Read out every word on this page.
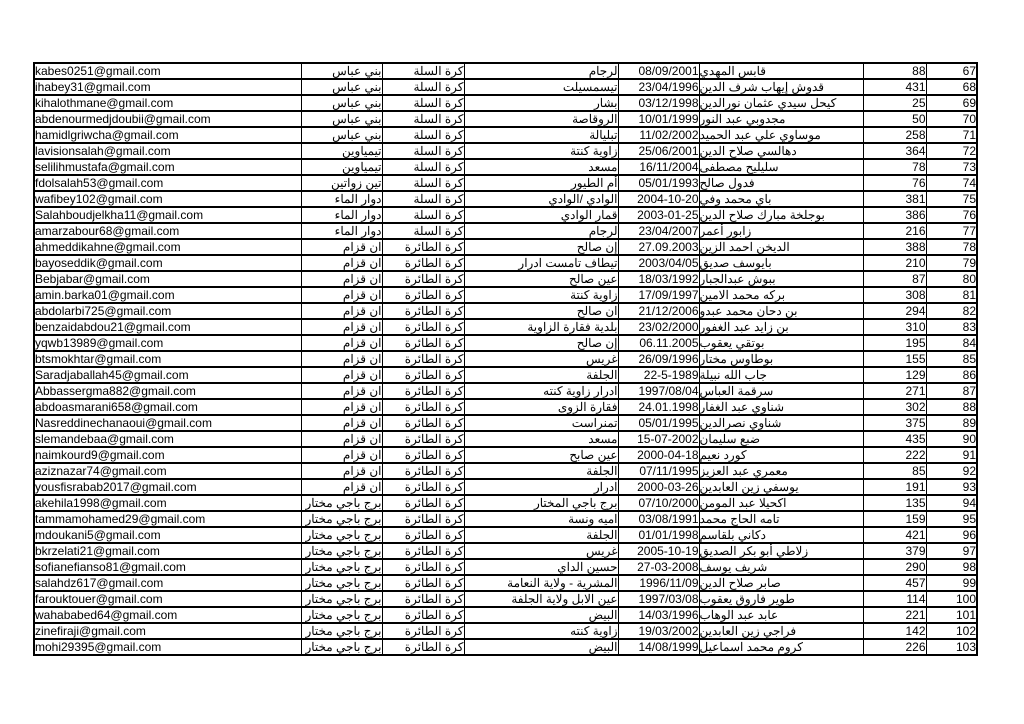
kabes0251@gmail.com	بني عباس	كرة السلة	لرجام	08/09/2001	قابس المهدي	88	67
ihabey31@gmail.com	بني عباس	كرة السلة	تيسمسيلت	23/04/1996	قدوش إيهاب شرف الدين	431	68
kihalothmane@gmail.com	بني عباس	كرة السلة	بشار	03/12/1998	كيحل سيدي عثمان نورالدين	25	69
abdenourmedjdoubii@gmail.com	بني عباس	كرة السلة	الروقاصة	10/01/1999	مجدوبي عبد النور	50	70
hamidlgriwcha@gmail.com	بني عباس	كرة السلة	تبليالة	11/02/2002	موساوي علي عبد الحميد	258	71
lavisionsalah@gmail.com	تيمياوين	كرة السلة	زاوية كنتة	25/06/2001	دهالسي صلاح الدين	364	72
selilihmustafa@gmail.com	تيمياوين	كرة السلة	مسعد	16/11/2004	سليليح مصطفى	78	73
fdolsalah53@gmail.com	تين زواتين	كرة السلة	أم الطيور	05/01/1993	فدول صالح	76	74
wafibey102@gmail.com	دوار الماء	كرة السلة	الوادي /الوادي	2004-10-20	باي محمد وفي	381	75
Salahboudjelkha11@gmail.com	دوار الماء	كرة السلة	قمار الوادي	2003-01-25	بوجلخة مبارك صلاح الدين	386	76
amarzabour68@gmail.com	دوار الماء	كرة السلة	لرجام	23/04/2007	زابور أعمر	216	77
ahmeddikahne@gmail.com	ان قزام	كرة الطائرة	إن صالح	27.09.2003	الديخن احمد الزين	388	78
bayoseddik@gmail.com	ان قزام	كرة الطائرة	تيطاف تامست ادرار	2003/04/05	بايوسف صديق	210	79
Bebjabar@gmail.com	ان قزام	كرة الطائرة	عين صالح	18/03/1992	ببوش عبدالجبار	87	80
amin.barka01@gmail.com	ان قزام	كرة الطائرة	زاوية كنتة	17/09/1997	بركه محمد الامين	308	81
abdolarbi725@gmail.com	ان قزام	كرة الطائرة	ان صالح	21/12/2006	بن دحان محمد عبدو	294	82
benzaidabdou21@gmail.com	ان قزام	كرة الطائرة	بلدية فقارة الزاوية	23/02/2000	بن زايد عبد الغفور	310	83
yqwb13989@gmail.com	ان قزام	كرة الطائرة	إن صالح	06.11.2005	بوتقي يعقوب	195	84
btsmokhtar@gmail.com	ان قزام	كرة الطائرة	غريس	26/09/1996	بوطاوس مختار	155	85
Saradjaballah45@gmail.com	ان قزام	كرة الطائرة	الجلفة	22-5-1989	جاب الله نبيلة	129	86
Abbassergma882@gmail.com	ان قزام	كرة الطائرة	ادرار زاوية كنته	1997/08/04	سرقمة العباس	271	87
abdoasmarani658@gmail.com	ان قزام	كرة الطائرة	فقارة الزوى	24.01.1998	شناوي عبد الغفار	302	88
Nasreddinechanaoui@gmail.com	ان قزام	كرة الطائرة	تمنراست	05/01/1995	شناوي نصرالدين	375	89
slemandebaa@gmail.com	ان قزام	كرة الطائرة	مسعد	15-07-2002	ضبع سليمان	435	90
naimkourd9@gmail.com	ان قزام	كرة الطائرة	عين صابح	2000-04-18	كورد نعيم	222	91
aziznazar74@gmail.com	ان قزام	كرة الطائرة	الجلفة	07/11/1995	معمري عبد العزيز	85	92
yousfisrabab2017@gmail.com	ان قزام	كرة الطائرة	ادرار	2000-03-26	يوسفي زين العابدين	191	93
akehila1998@gmail.com	برج باجي مختار	كرة الطائرة	برج باجي المختار	07/10/2000	اكحيلا عبد المومن	135	94
tammamohamed29@gmail.com	برج باجي مختار	كرة الطائرة	اميه ونسة	03/08/1991	تامه الحاج محمد	159	95
mdoukani5@gmail.com	برج باجي مختار	كرة الطائرة	الجلفة	01/01/1998	دكاني بلقاسم	421	96
bkrzelati21@gmail.com	برج باجي مختار	كرة الطائرة	غريس	2005-10-19	زلاطي أبو بكر الصديق	379	97
sofianefianso81@gmail.com	برج باجي مختار	كرة الطائرة	حسين الداي	27-03-2008	شريف يوسف	290	98
salahdz617@gmail.com	برج باجي مختار	كرة الطائرة	المشرية - ولاية النعامة	1996/11/09	صابر صلاح الدين	457	99
farouktouer@gmail.com	برج باجي مختار	كرة الطائرة	عين الابل ولاية الجلفة	1997/03/08	طوير فاروق يعقوب	114	100
wahababed64@gmail.com	برج باجي مختار	كرة الطائرة	البيض	14/03/1996	عابد عبد الوهاب	221	101
zinefiraji@gmail.com	برج باجي مختار	كرة الطائرة	زاوية كنته	19/03/2002	فراجي زين العابدين	142	102
mohi29395@gmail.com	برج باجي مختار	كرة الطائرة	البيض	14/08/1999	كروم محمد اسماعيل	226	103
